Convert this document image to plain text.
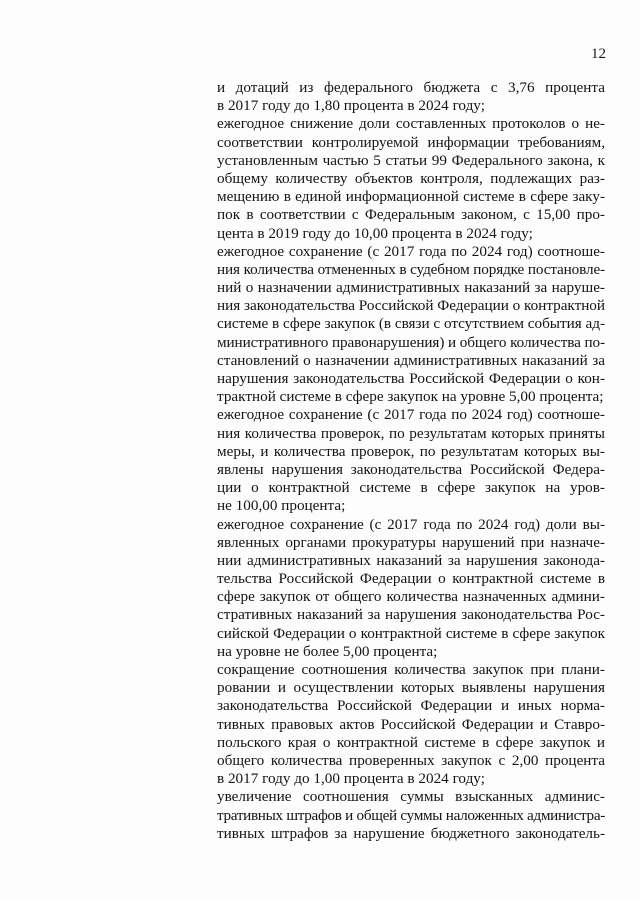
12
и дотаций из федерального бюджета с 3,76 процента
в 2017 году до 1,80 процента в 2024 году;
ежегодное снижение доли составленных протоколов о не-
соответствии контролируемой информации требованиям,
установленным частью 5 статьи 99 Федерального закона, к
общему количеству объектов контроля, подлежащих раз-
мещению в единой информационной системе в сфере заку-
пок в соответствии с Федеральным законом, с 15,00 про-
цента в 2019 году до 10,00 процента в 2024 году;
ежегодное сохранение (с 2017 года по 2024 год) соотноше-
ния количества отмененных в судебном порядке постановле-
ний о назначении административных наказаний за наруше-
ния законодательства Российской Федерации о контрактной
системе в сфере закупок (в связи с отсутствием события ад-
министративного правонарушения) и общего количества по-
становлений о назначении административных наказаний за
нарушения законодательства Российской Федерации о кон-
трактной системе в сфере закупок на уровне 5,00 процента;
ежегодное сохранение (с 2017 года по 2024 год) соотноше-
ния количества проверок, по результатам которых приняты
меры, и количества проверок, по результатам которых вы-
явлены нарушения законодательства Российской Федера-
ции о контрактной системе в сфере закупок на уров-
не 100,00 процента;
ежегодное сохранение (с 2017 года по 2024 год) доли вы-
явленных органами прокуратуры нарушений при назначе-
нии административных наказаний за нарушения законода-
тельства Российской Федерации о контрактной системе в
сфере закупок от общего количества назначенных админи-
стративных наказаний за нарушения законодательства Рос-
сийской Федерации о контрактной системе в сфере закупок
на уровне не более 5,00 процента;
сокращение соотношения количества закупок при плани-
ровании и осуществлении которых выявлены нарушения
законодательства Российской Федерации и иных норма-
тивных правовых актов Российской Федерации и Ставро-
польского края о контрактной системе в сфере закупок и
общего количества проверенных закупок с 2,00 процента
в 2017 году до 1,00 процента в 2024 году;
увеличение соотношения суммы взысканных админис-
тративных штрафов и общей суммы наложенных администра-
тивных штрафов за нарушение бюджетного законодатель-
